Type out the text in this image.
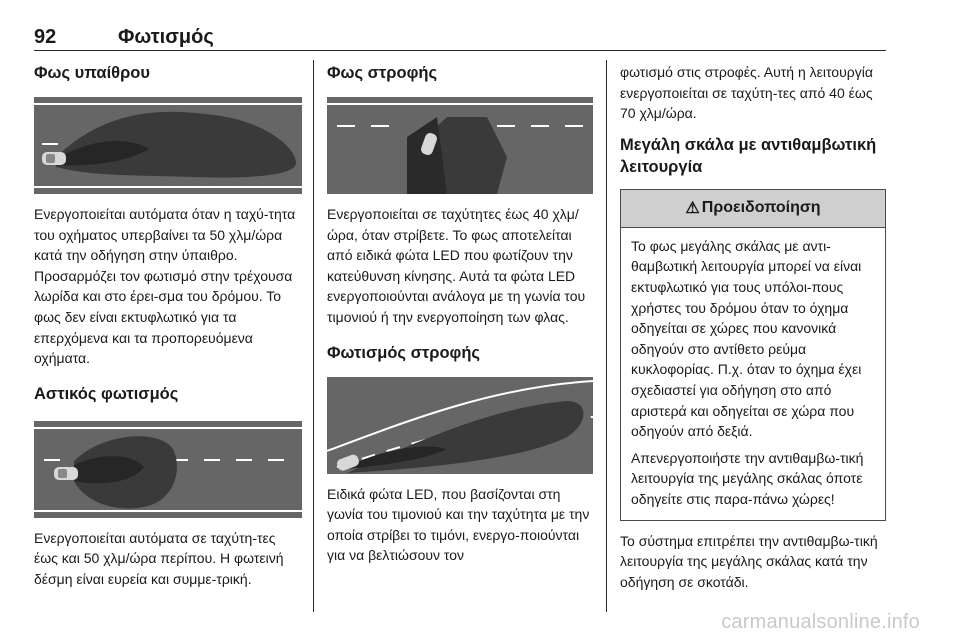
92	Φωτισμός
Φως υπαίθρου

Ενεργοποιείται αυτόματα όταν η ταχύ-τητα του οχήματος υπερβαίνει τα 50 χλμ/ώρα κατά την οδήγηση στην ύπαιθρο. Προσαρμόζει τον φωτισμό στην τρέχουσα λωρίδα και στο έρει-σμα του δρόμου. Το φως δεν είναι εκτυφλωτικό για τα επερχόμενα και τα προπορευόμενα οχήματα.

Αστικός φωτισμός

Ενεργοποιείται αυτόματα σε ταχύτη-τες έως και 50 χλμ/ώρα περίπου. Η φωτεινή δέσμη είναι ευρεία και συμμε-τρική.

Φως στροφής

Ενεργοποιείται σε ταχύτητες έως 40 χλμ/ώρα, όταν στρίβετε. Το φως αποτελείται από ειδικά φώτα LED που φωτίζουν την κατεύθυνση κίνησης. Αυτά τα φώτα LED ενεργοποιούνται ανάλογα με τη γωνία του τιμονιού ή την ενεργοποίηση των φλας.

Φωτισμός στροφής

Ειδικά φώτα LED, που βασίζονται στη γωνία του τιμονιού και την ταχύτητα με την οποία στρίβει το τιμόνι, ενεργο-ποιούνται για να βελτιώσουν τον

φωτισμό στις στροφές. Αυτή η λειτουργία ενεργοποιείται σε ταχύτη-τες από 40 έως 70 χλμ/ώρα.

Μεγάλη σκάλα με αντιθαμβωτική λειτουργία
⚠ Προειδοποίηση

Το φως μεγάλης σκάλας με αντι-θαμβωτική λειτουργία μπορεί να είναι εκτυφλωτικό για τους υπόλοι-πους χρήστες του δρόμου όταν το όχημα οδηγείται σε χώρες που κανονικά οδηγούν στο αντίθετο ρεύμα κυκλοφορίας. Π.χ. όταν το όχημα έχει σχεδιαστεί για οδήγηση στο από αριστερά και οδηγείται σε χώρα που οδηγούν από δεξιά.

Απενεργοποιήστε την αντιθαμβω-τική λειτουργία της μεγάλης σκάλας όποτε οδηγείτε στις παρα-πάνω χώρες!

Το σύστημα επιτρέπει την αντιθαμβω-τική λειτουργία της μεγάλης σκάλας κατά την οδήγηση σε σκοτάδι.

carmanualsonline.info
